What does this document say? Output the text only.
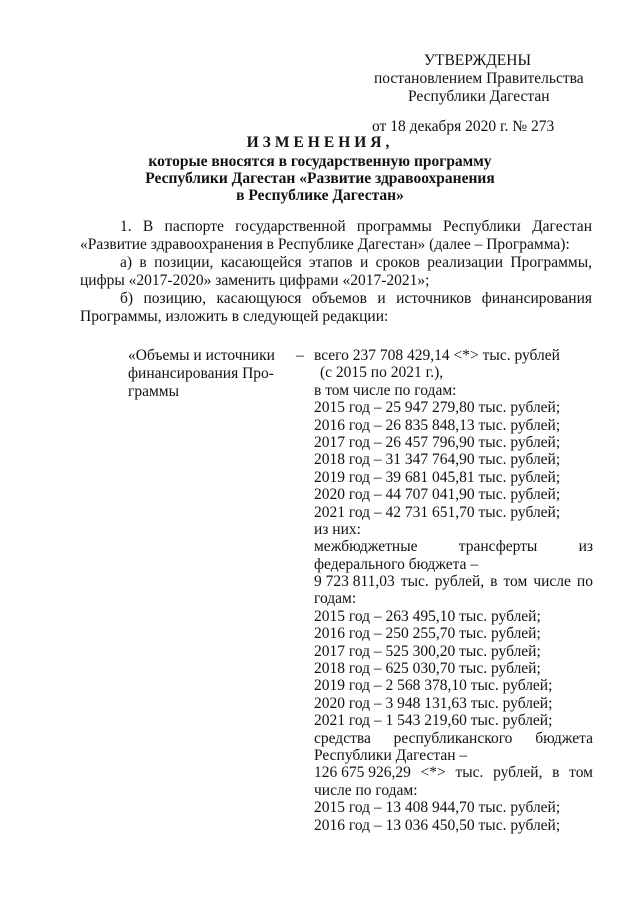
УТВЕРЖДЕНЫ
постановлением Правительства
Республики Дагестан
от 18 декабря 2020 г. № 273
ИЗМЕНЕНИЯ,
которые вносятся в государственную программу
Республики Дагестан «Развитие здравоохранения
в Республике Дагестан»
1. В паспорте государственной программы Республики Дагестан «Развитие здравоохранения в Республике Дагестан» (далее – Программа):
а) в позиции, касающейся этапов и сроков реализации Программы, цифры «2017-2020» заменить цифрами «2017-2021»;
б) позицию, касающуюся объемов и источников финансирования Программы, изложить в следующей редакции:
«Объемы и источники
финансирования Про-
граммы
– всего 237 708 429,14 <*> тыс. рублей
(с 2015 по 2021 г.),
в том числе по годам:
2015 год – 25 947 279,80 тыс. рублей;
2016 год – 26 835 848,13 тыс. рублей;
2017 год – 26 457 796,90 тыс. рублей;
2018 год – 31 347 764,90 тыс. рублей;
2019 год – 39 681 045,81 тыс. рублей;
2020 год – 44 707 041,90 тыс. рублей;
2021 год – 42 731 651,70 тыс. рублей;
из них:
межбюджетные	трансферты	из
федерального бюджета –
9 723 811,03 тыс. рублей, в том числе по
годам:
2015 год – 263 495,10 тыс. рублей;
2016 год – 250 255,70 тыс. рублей;
2017 год – 525 300,20 тыс. рублей;
2018 год – 625 030,70 тыс. рублей;
2019 год – 2 568 378,10 тыс. рублей;
2020 год – 3 948 131,63 тыс. рублей;
2021 год – 1 543 219,60 тыс. рублей;
средства республиканского бюджета
Республики Дагестан –
126 675 926,29 <*> тыс. рублей, в том
числе по годам:
2015 год – 13 408 944,70 тыс. рублей;
2016 год – 13 036 450,50 тыс. рублей;
